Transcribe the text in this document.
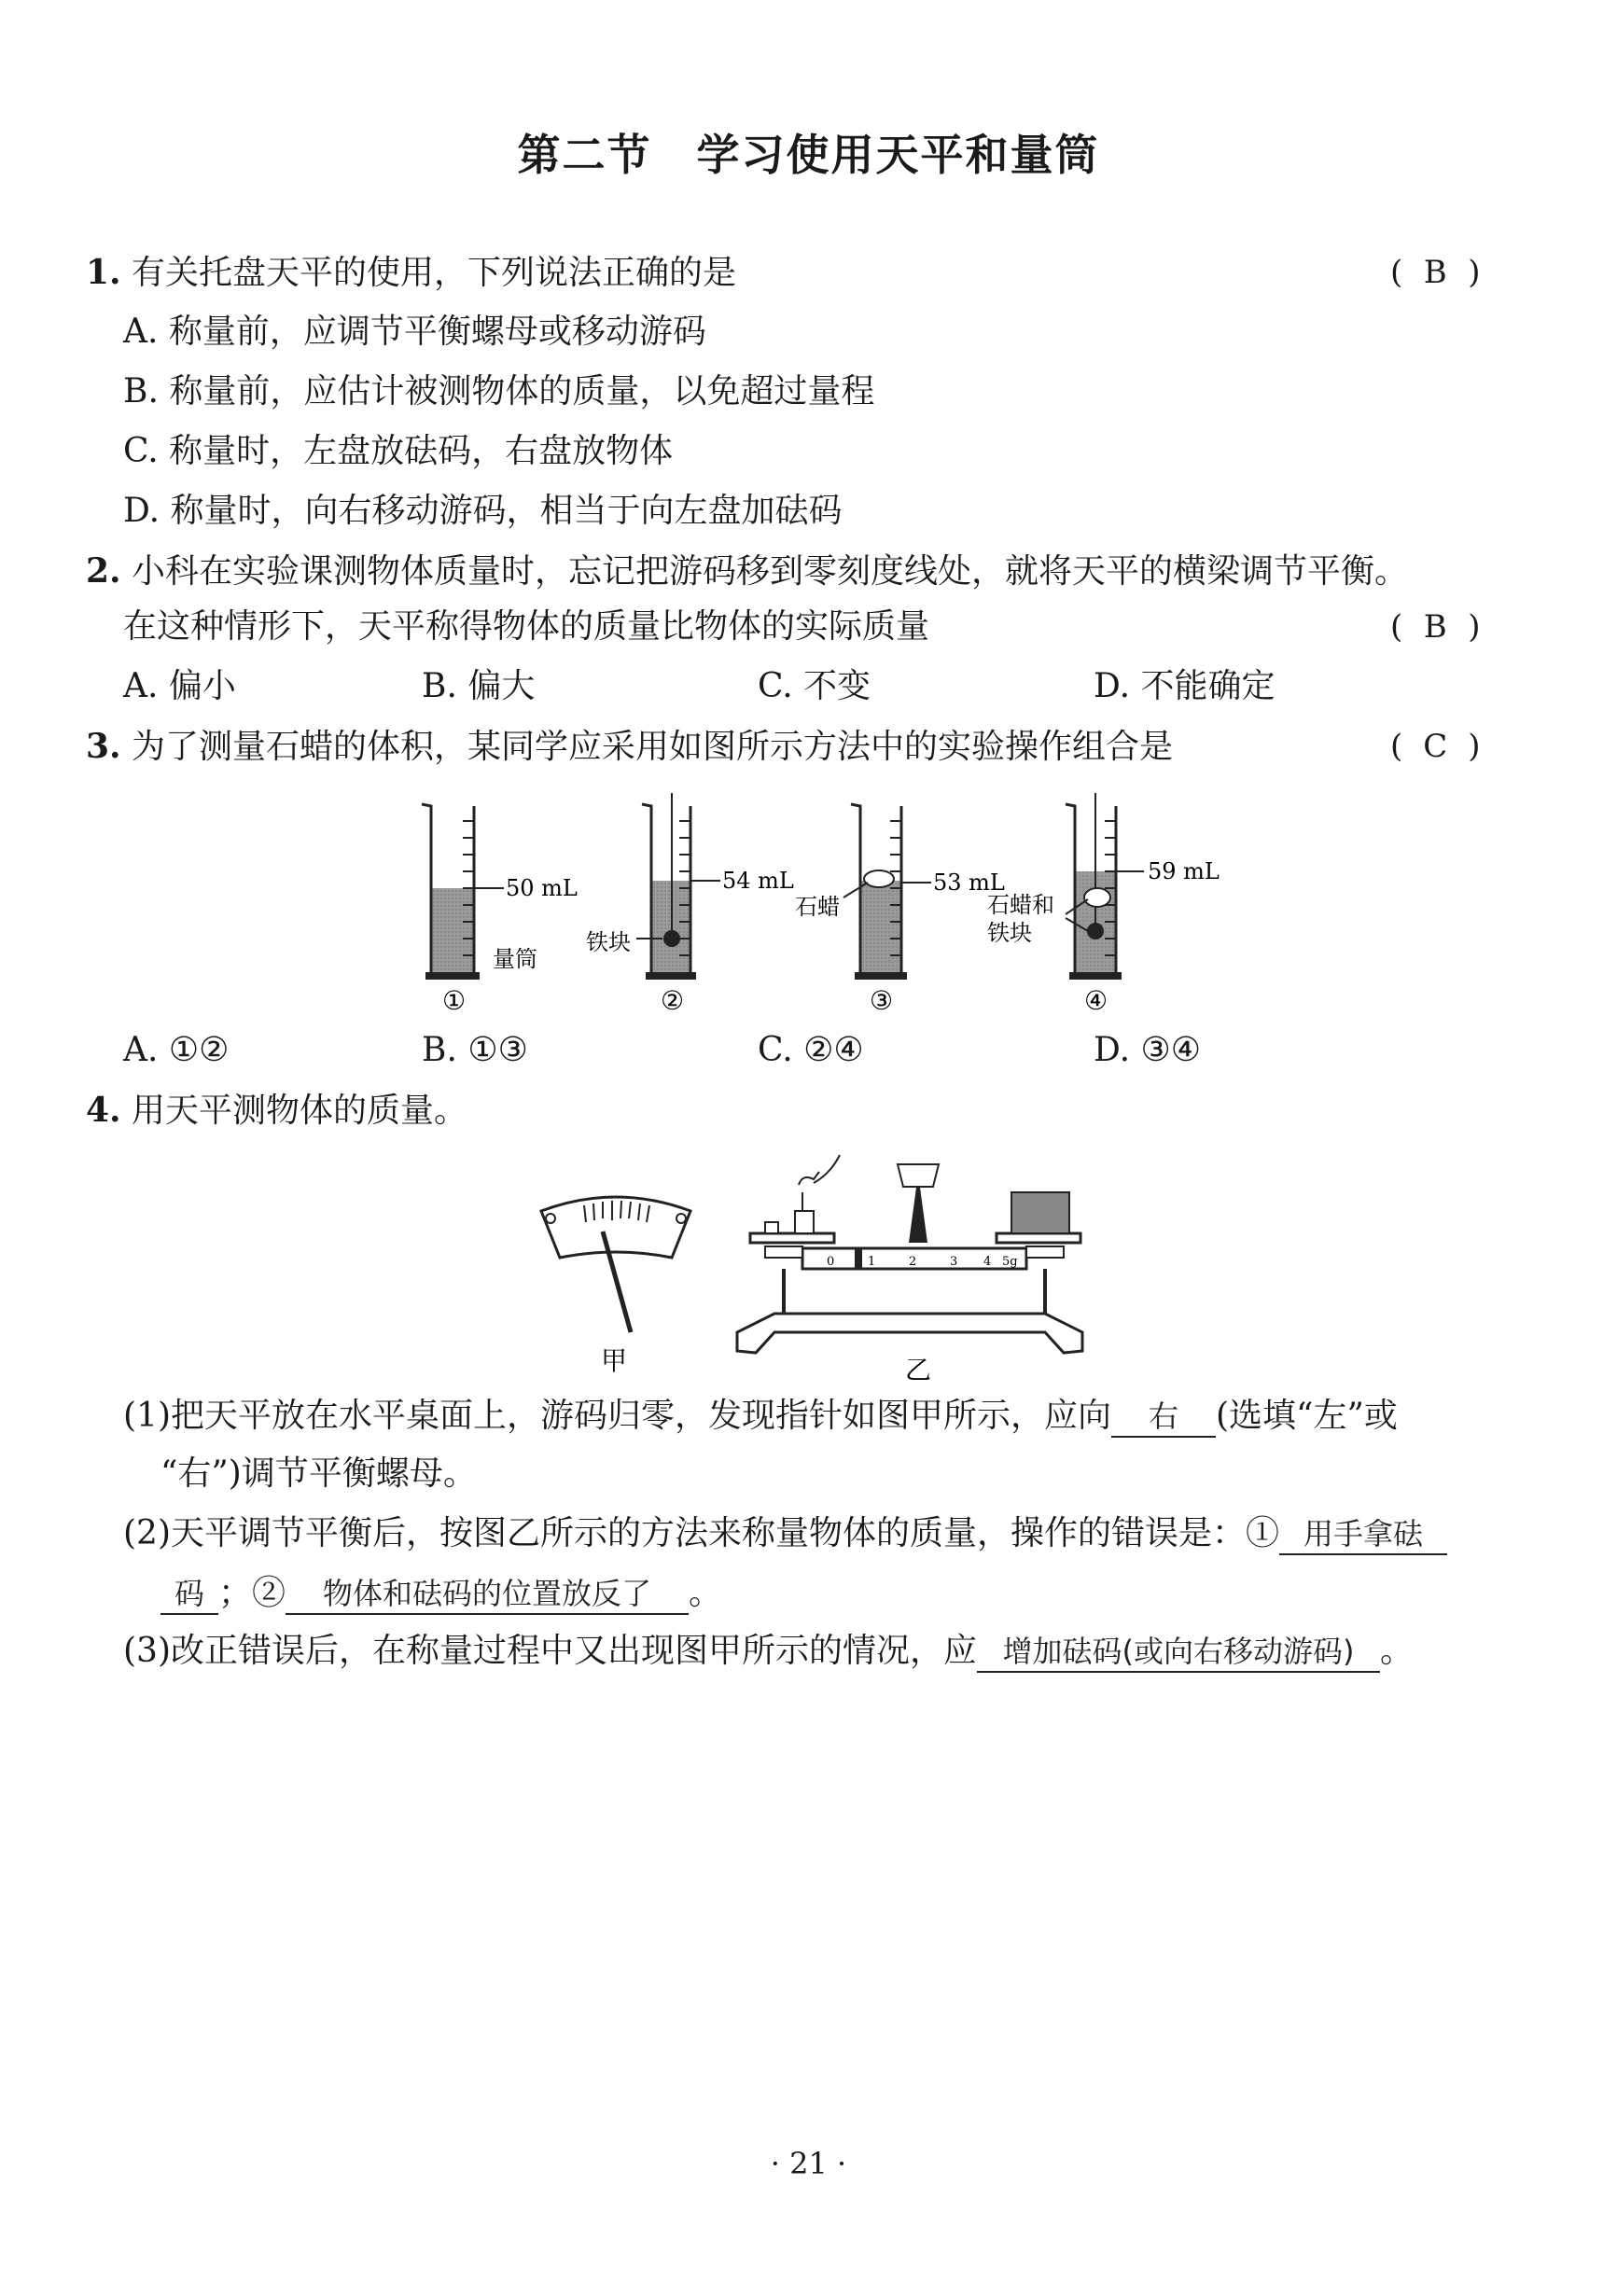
第二节　学习使用天平和量筒
1. 有关托盘天平的使用，下列说法正确的是	( B )
A. 称量前，应调节平衡螺母或移动游码
B. 称量前，应估计被测物体的质量，以免超过量程
C. 称量时，左盘放砝码，右盘放物体
D. 称量时，向右移动游码，相当于向左盘加砝码
2. 小科在实验课测物体质量时，忘记把游码移到零刻度线处，就将天平的横梁调节平衡。
在这种情形下，天平称得物体的质量比物体的实际质量	( B )
A. 偏小	B. 偏大	C. 不变	D. 不能确定
3. 为了测量石蜡的体积，某同学应采用如图所示方法中的实验操作组合是	( C )
50 mL
量筒
①
54 mL
铁块
②
53 mL
石蜡
③
59 mL
石蜡和
铁块
④
A. ①②	B. ①③	C. ②④	D. ③④
4. 用天平测物体的质量。
甲
0	1	2	3 4 5g
乙
(1)把天平放在水平桌面上，游码归零，发现指针如图甲所示，应向 右 (选填“左”或
“右”)调节平衡螺母。
(2)天平调节平衡后，按图乙所示的方法来称量物体的质量，操作的错误是：① 用手拿砝
码 ；② 物体和砝码的位置放反了 。
(3)改正错误后，在称量过程中又出现图甲所示的情况，应 增加砝码(或向右移动游码) 。
· 21 ·
